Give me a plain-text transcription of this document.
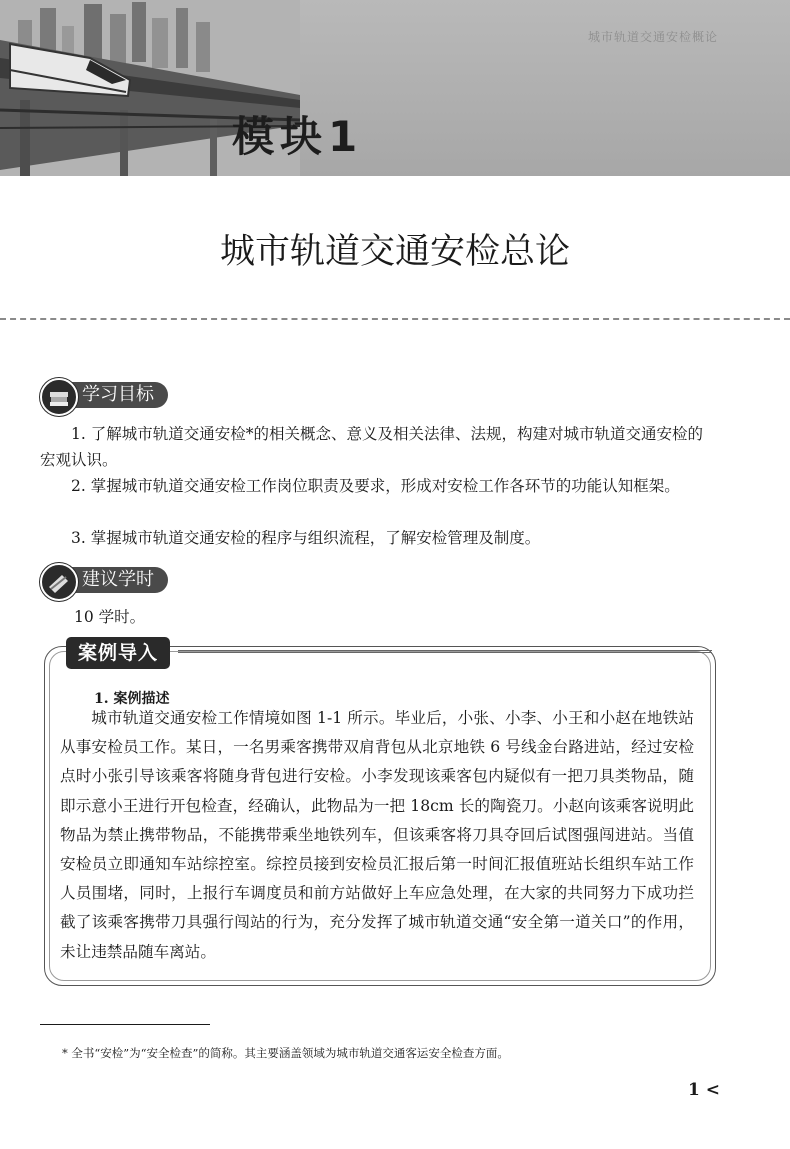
城市轨道交通安检概论
模块1
城市轨道交通安检总论
学习目标

1. 了解城市轨道交通安检*的相关概念、意义及相关法律、法规，构建对城市轨道交通安检的宏观认识。

2. 掌握城市轨道交通安检工作岗位职责及要求，形成对安检工作各环节的功能认知框架。

3. 掌握城市轨道交通安检的程序与组织流程，了解安检管理及制度。

建议学时

10 学时。

案例导入

1. 案例描述

城市轨道交通安检工作情境如图 1-1 所示。毕业后，小张、小李、小王和小赵在地铁站从事安检员工作。某日，一名男乘客携带双肩背包从北京地铁 6 号线金台路进站，经过安检点时小张引导该乘客将随身背包进行安检。小李发现该乘客包内疑似有一把刀具类物品，随即示意小王进行开包检查，经确认，此物品为一把 18cm 长的陶瓷刀。小赵向该乘客说明此物品为禁止携带物品，不能携带乘坐地铁列车，但该乘客将刀具夺回后试图强闯进站。当值安检员立即通知车站综控室。综控员接到安检员汇报后第一时间汇报值班站长组织车站工作人员围堵，同时，上报行车调度员和前方站做好上车应急处理，在大家的共同努力下成功拦截了该乘客携带刀具强行闯站的行为，充分发挥了城市轨道交通“安全第一道关口”的作用，未让违禁品随车离站。

* 全书“安检”为“安全检查”的简称。其主要涵盖领域为城市轨道交通客运安全检查方面。

1 <
